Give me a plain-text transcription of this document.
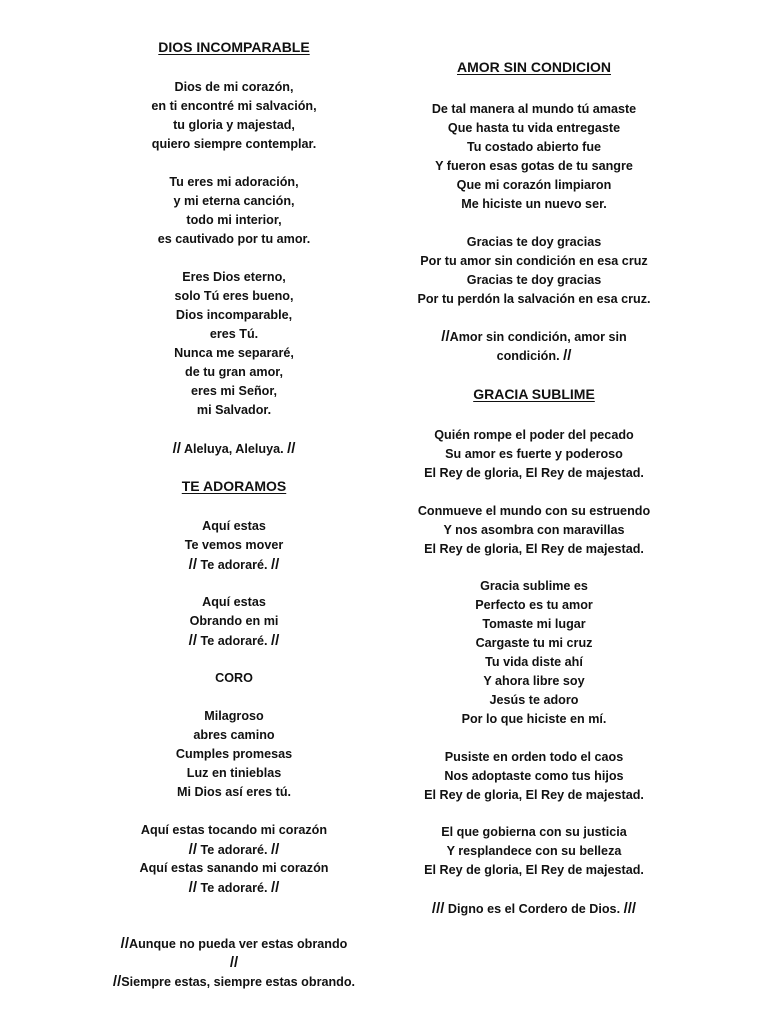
DIOS INCOMPARABLE
Dios de mi corazón,
en ti encontré mi salvación,
tu gloria y majestad,
quiero siempre contemplar.
Tu eres mi adoración,
y mi eterna canción,
todo mi interior,
es cautivado por tu amor.
Eres Dios eterno,
solo Tú eres bueno,
Dios incomparable,
eres Tú.
Nunca me separaré,
de tu gran amor,
eres mi Señor,
mi Salvador.
// Aleluya, Aleluya. //
TE ADORAMOS
Aquí estas
Te vemos mover
// Te adoraré. //
Aquí estas
Obrando en mi
// Te adoraré. //
CORO
Milagroso
abres camino
Cumples promesas
Luz en tinieblas
Mi Dios así eres tú.
Aquí estas tocando mi corazón
// Te adoraré. //
Aquí estas sanando mi corazón
// Te adoraré. //
//Aunque no pueda ver estas obrando
//
//Siempre estas, siempre estas obrando.
AMOR SIN CONDICION
De tal manera al mundo tú amaste
Que hasta tu vida entregaste
Tu costado abierto fue
Y fueron esas gotas de tu sangre
Que mi corazón limpiaron
Me hiciste un nuevo ser.
Gracias te doy gracias
Por tu amor sin condición en esa cruz
Gracias te doy gracias
Por tu perdón la salvación en esa cruz.
//Amor sin condición, amor sin
condición. //
GRACIA SUBLIME
Quién rompe el poder del pecado
Su amor es fuerte y poderoso
El Rey de gloria, El Rey de majestad.
Conmueve el mundo con su estruendo
Y nos asombra con maravillas
El Rey de gloria, El Rey de majestad.
Gracia sublime es
Perfecto es tu amor
Tomaste mi lugar
Cargaste tu mi cruz
Tu vida diste ahí
Y ahora libre soy
Jesús te adoro
Por lo que hiciste en mí.
Pusiste en orden todo el caos
Nos adoptaste como tus hijos
El Rey de gloria, El Rey de majestad.
El que gobierna con su justicia
Y resplandece con su belleza
El Rey de gloria, El Rey de majestad.
/// Digno es el Cordero de Dios. ///
